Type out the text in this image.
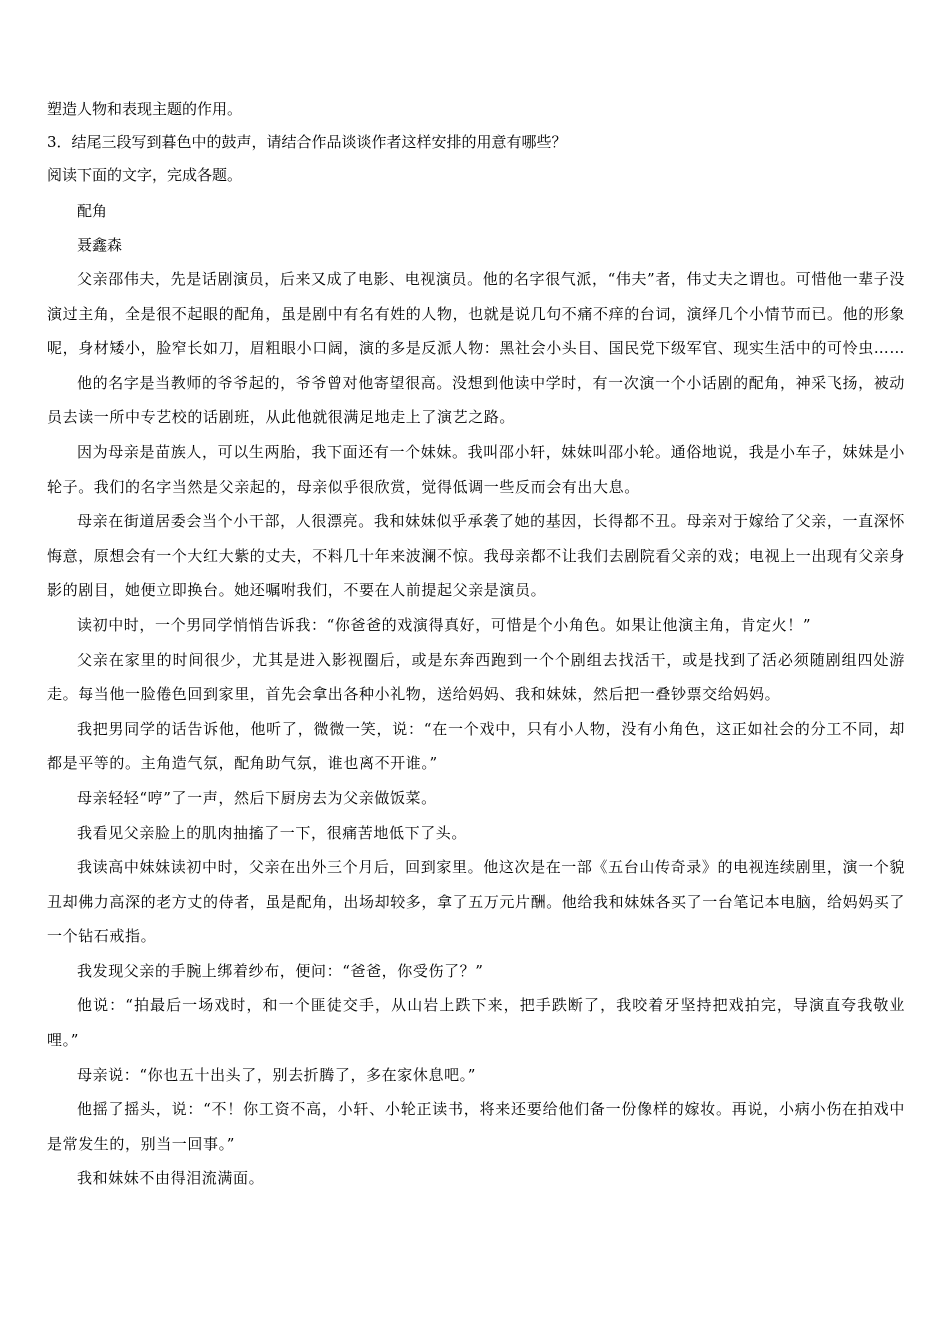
塑造人物和表现主题的作用。

3．结尾三段写到暮色中的鼓声，请结合作品谈谈作者这样安排的用意有哪些？

阅读下面的文字，完成各题。

配角

聂鑫森

父亲邵伟夫，先是话剧演员，后来又成了电影、电视演员。他的名字很气派，“伟夫”者，伟丈夫之谓也。可惜他一辈子没演过主角，全是很不起眼的配角，虽是剧中有名有姓的人物，也就是说几句不痛不痒的台词，演绎几个小情节而已。他的形象呢，身材矮小，脸窄长如刀，眉粗眼小口阔，演的多是反派人物：黑社会小头目、国民党下级军官、现实生活中的可怜虫……

他的名字是当教师的爷爷起的，爷爷曾对他寄望很高。没想到他读中学时，有一次演一个小话剧的配角，神采飞扬，被动员去读一所中专艺校的话剧班，从此他就很满足地走上了演艺之路。

因为母亲是苗族人，可以生两胎，我下面还有一个妹妹。我叫邵小轩，妹妹叫邵小轮。通俗地说，我是小车子，妹妹是小轮子。我们的名字当然是父亲起的，母亲似乎很欣赏，觉得低调一些反而会有出大息。

母亲在街道居委会当个小干部，人很漂亮。我和妹妹似乎承袭了她的基因，长得都不丑。母亲对于嫁给了父亲，一直深怀悔意，原想会有一个大红大紫的丈夫，不料几十年来波澜不惊。我母亲都不让我们去剧院看父亲的戏；电视上一出现有父亲身影的剧目，她便立即换台。她还嘱咐我们，不要在人前提起父亲是演员。

读初中时，一个男同学悄悄告诉我：“你爸爸的戏演得真好，可惜是个小角色。如果让他演主角，肯定火！”

父亲在家里的时间很少，尤其是进入影视圈后，或是东奔西跑到一个个剧组去找活干，或是找到了活必须随剧组四处游走。每当他一脸倦色回到家里，首先会拿出各种小礼物，送给妈妈、我和妹妹，然后把一叠钞票交给妈妈。

我把男同学的话告诉他，他听了，微微一笑，说：“在一个戏中，只有小人物，没有小角色，这正如社会的分工不同，却都是平等的。主角造气氛，配角助气氛，谁也离不开谁。”

母亲轻轻“哼”了一声，然后下厨房去为父亲做饭菜。

我看见父亲脸上的肌肉抽搐了一下，很痛苦地低下了头。

我读高中妹妹读初中时，父亲在出外三个月后，回到家里。他这次是在一部《五台山传奇录》的电视连续剧里，演一个貌丑却佛力高深的老方丈的侍者，虽是配角，出场却较多，拿了五万元片酬。他给我和妹妹各买了一台笔记本电脑，给妈妈买了一个钻石戒指。

我发现父亲的手腕上绑着纱布，便问：“爸爸，你受伤了？”

他说：“拍最后一场戏时，和一个匪徒交手，从山岩上跌下来，把手跌断了，我咬着牙坚持把戏拍完，导演直夸我敬业哩。”

母亲说：“你也五十出头了，别去折腾了，多在家休息吧。”

他摇了摇头，说：“不！你工资不高，小轩、小轮正读书，将来还要给他们备一份像样的嫁妆。再说，小病小伤在拍戏中是常发生的，别当一回事。”

我和妹妹不由得泪流满面。
